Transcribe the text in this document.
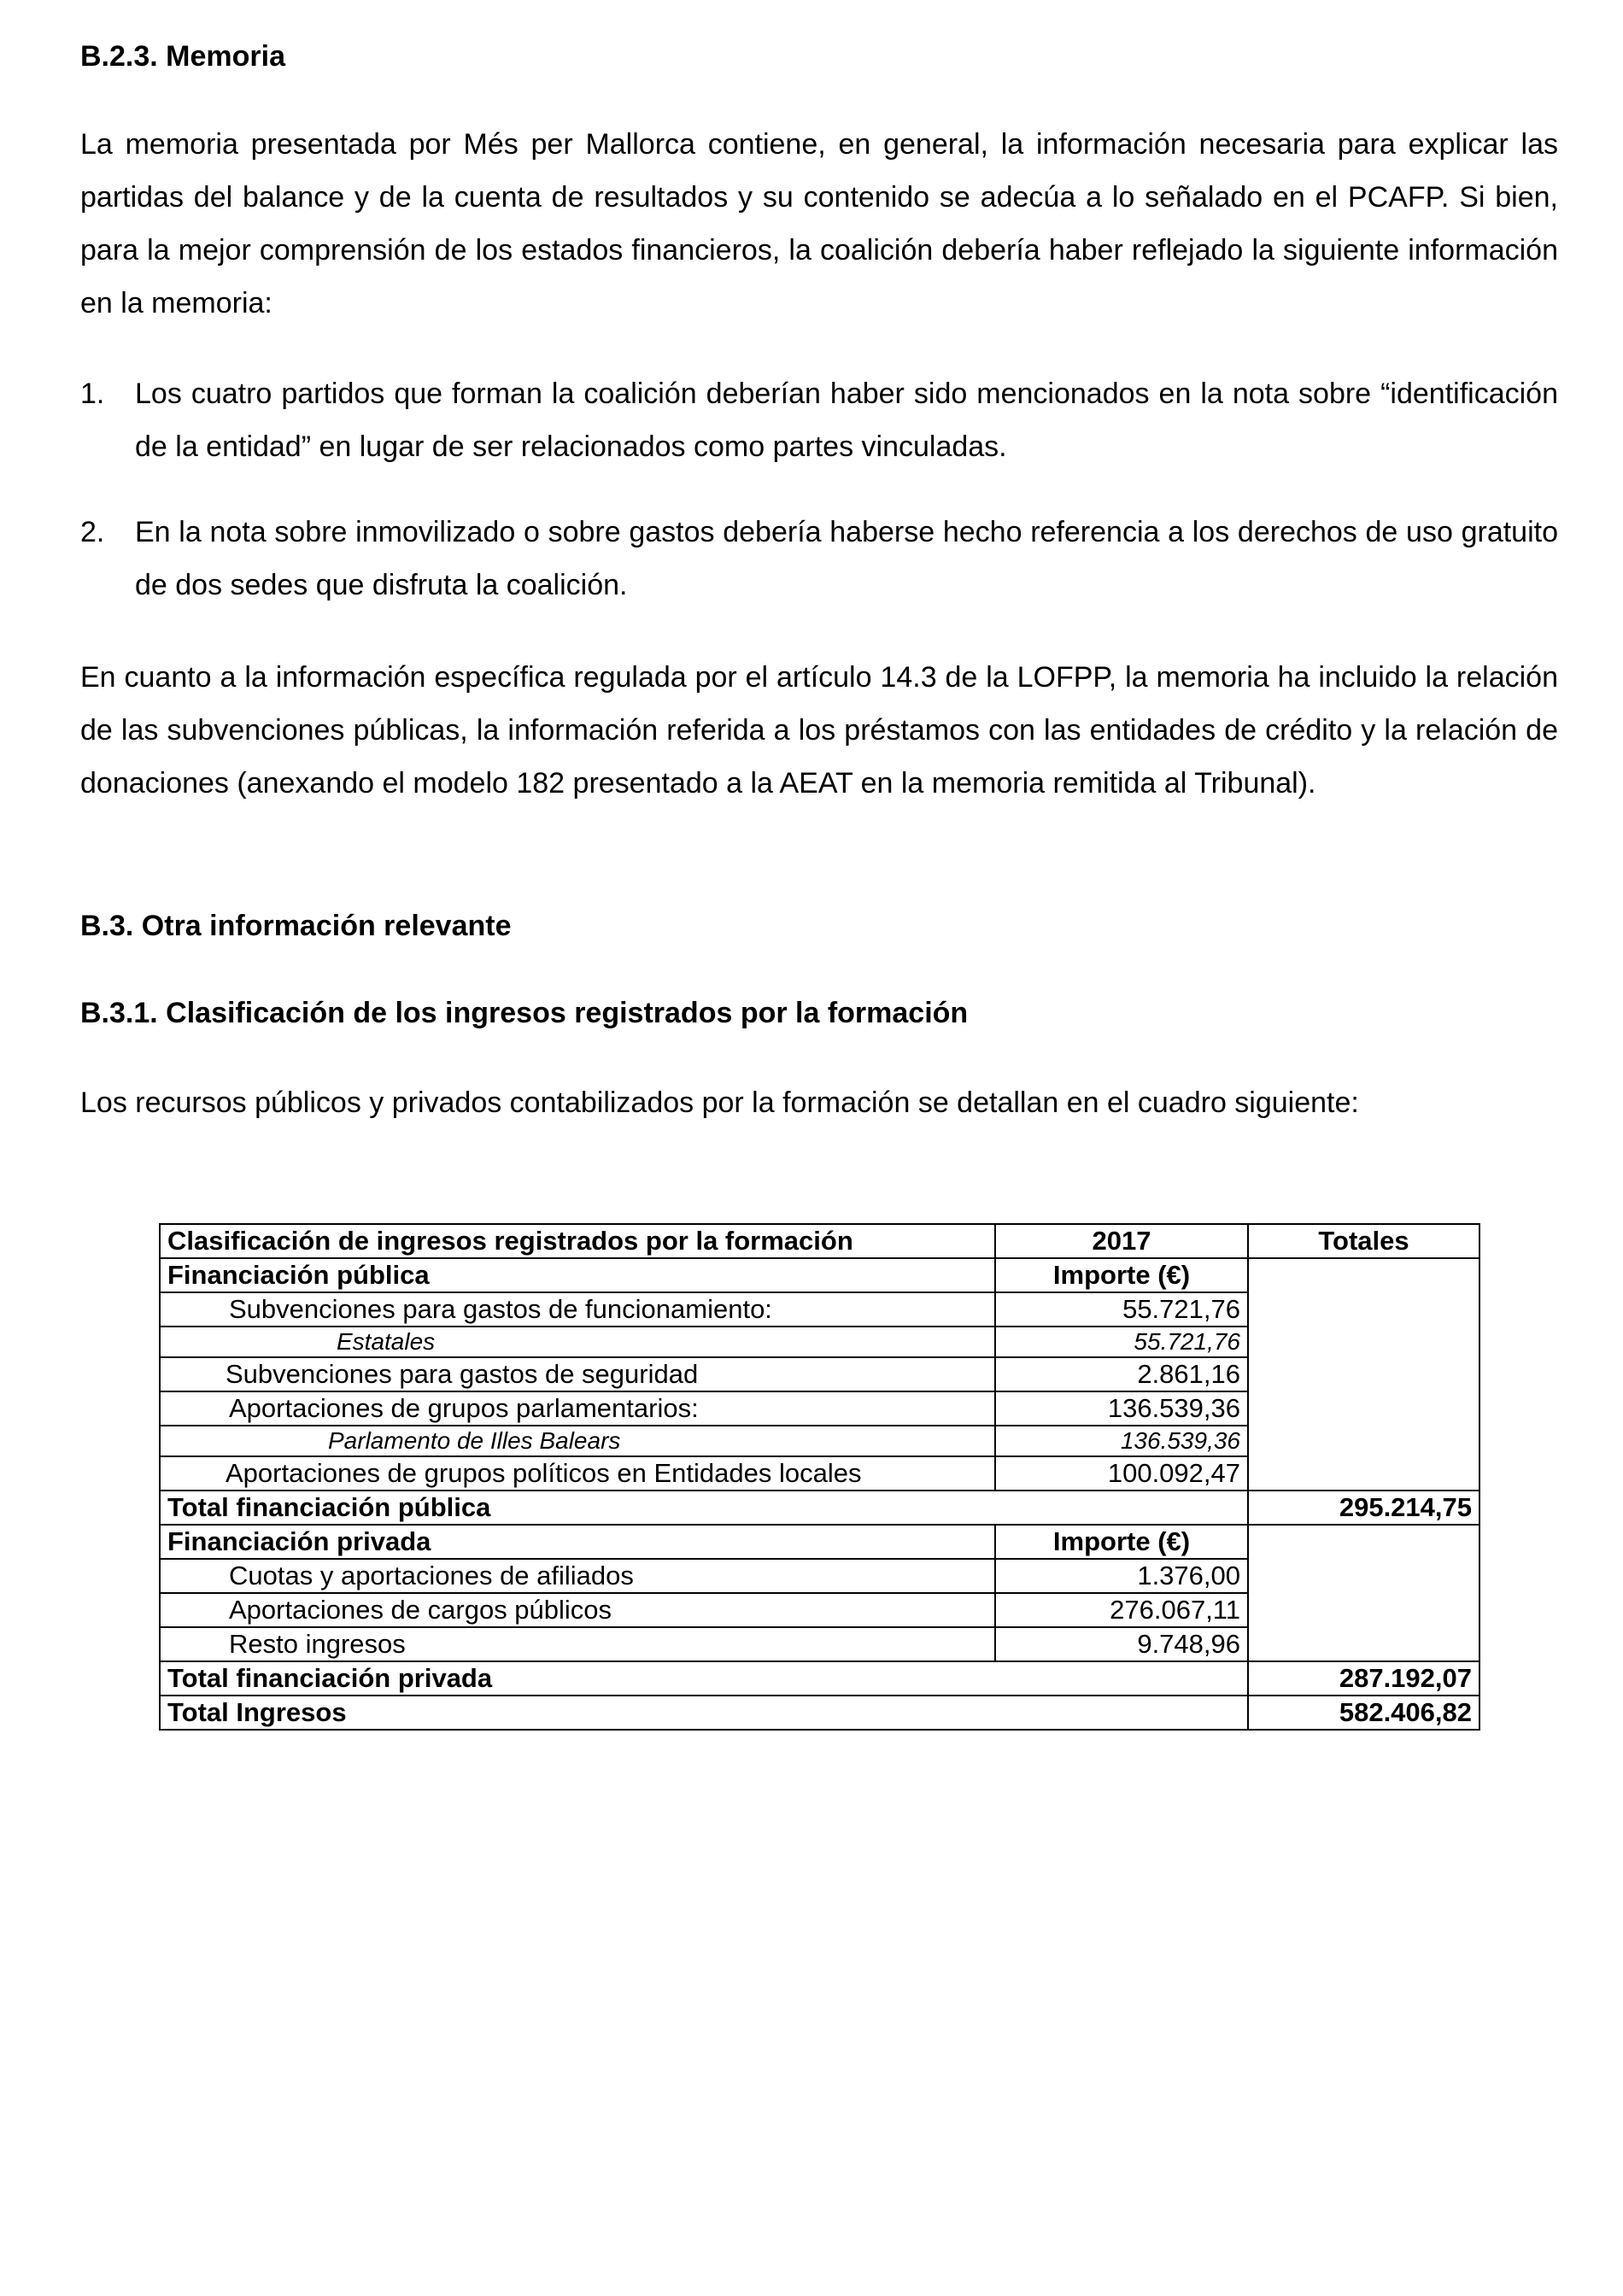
B.2.3. Memoria
La memoria presentada por Més per Mallorca contiene, en general, la información necesaria para explicar las partidas del balance y de la cuenta de resultados y su contenido se adecúa a lo señalado en el PCAFP. Si bien, para la mejor comprensión de los estados financieros, la coalición debería haber reflejado la siguiente información en la memoria:
1. Los cuatro partidos que forman la coalición deberían haber sido mencionados en la nota sobre “identificación de la entidad” en lugar de ser relacionados como partes vinculadas.
2. En la nota sobre inmovilizado o sobre gastos debería haberse hecho referencia a los derechos de uso gratuito de dos sedes que disfruta la coalición.
En cuanto a la información específica regulada por el artículo 14.3 de la LOFPP, la memoria ha incluido la relación de las subvenciones públicas, la información referida a los préstamos con las entidades de crédito y la relación de donaciones (anexando el modelo 182 presentado a la AEAT en la memoria remitida al Tribunal).
B.3. Otra información relevante
B.3.1. Clasificación de los ingresos registrados por la formación
Los recursos públicos y privados contabilizados por la formación se detallan en el cuadro siguiente:
Clasificación de ingresos registrados por la formación	2017	Totales
Financiación pública	Importe (€)	
Subvenciones para gastos de funcionamiento:	55.721,76	
Estatales	55.721,76	
Subvenciones para gastos de seguridad	2.861,16	
Aportaciones de grupos parlamentarios:	136.539,36	
Parlamento de Illes Balears	136.539,36	
Aportaciones de grupos políticos en Entidades locales	100.092,47	
Total financiación pública		295.214,75
Financiación privada	Importe (€)	
Cuotas y aportaciones de afiliados	1.376,00	
Aportaciones de cargos públicos	276.067,11	
Resto ingresos	9.748,96	
Total financiación privada		287.192,07
Total Ingresos		582.406,82
